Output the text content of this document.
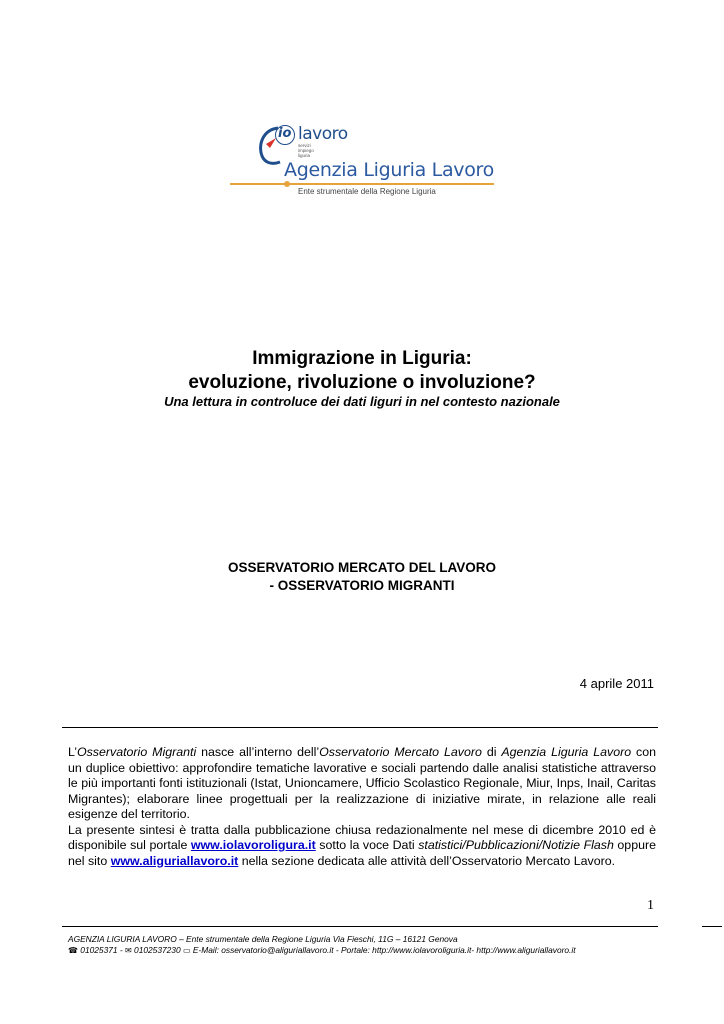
io lavoro
servizi
impiego
liguria
Agenzia Liguria Lavoro
Ente strumentale della Regione Liguria
Immigrazione in Liguria:
evoluzione, rivoluzione o involuzione?
Una lettura in controluce dei dati liguri in nel contesto nazionale
OSSERVATORIO MERCATO DEL LAVORO
- OSSERVATORIO MIGRANTI
4 aprile 2011

L’Osservatorio Migranti nasce all’interno dell’Osservatorio Mercato Lavoro di Agenzia Liguria Lavoro con un duplice obiettivo: approfondire tematiche lavorative e sociali partendo dalle analisi statistiche attraverso le più importanti fonti istituzionali (Istat, Unioncamere, Ufficio Scolastico Regionale, Miur, Inps, Inail, Caritas Migrantes); elaborare linee progettuali per la realizzazione di iniziative mirate, in relazione alle reali esigenze del territorio.

La presente sintesi è tratta dalla pubblicazione chiusa redazionalmente nel mese di dicembre 2010 ed è disponibile sul portale www.iolavoroligura.it sotto la voce Dati statistici/Pubblicazioni/Notizie Flash oppure nel sito www.aliguriallavoro.it nella sezione dedicata alle attività dell’Osservatorio Mercato Lavoro.

1
AGENZIA LIGURIA LAVORO – Ente strumentale della Regione Liguria Via Fieschi, 11G – 16121 Genova
☎ 01025371 - ✉ 0102537230 ▭ E-Mail: osservatorio@aliguriallavoro.it - Portale: http://www.iolavoroliguria.it- http://www.aliguriallavoro.it
